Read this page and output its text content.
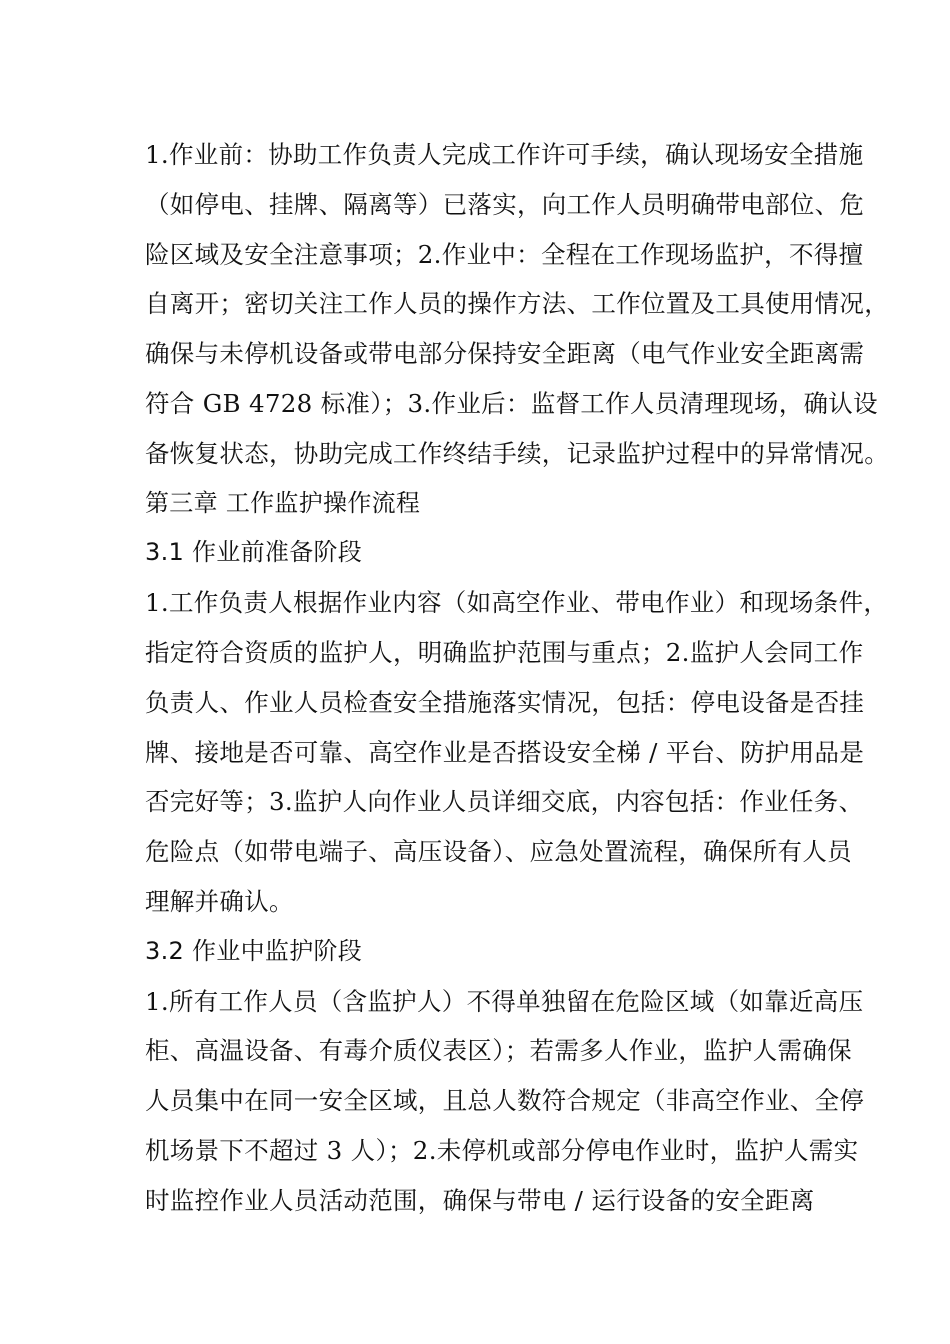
1.作业前：协助工作负责人完成工作许可手续，确认现场安全措施
（如停电、挂牌、隔离等）已落实，向工作人员明确带电部位、危
险区域及安全注意事项；2.作业中：全程在工作现场监护，不得擅
自离开；密切关注工作人员的操作方法、工作位置及工具使用情况，
确保与未停机设备或带电部分保持安全距离（电气作业安全距离需
符合 GB 4728 标准）；3.作业后：监督工作人员清理现场，确认设
备恢复状态，协助完成工作终结手续，记录监护过程中的异常情况。
第三章 工作监护操作流程
3.1 作业前准备阶段
1.工作负责人根据作业内容（如高空作业、带电作业）和现场条件，
指定符合资质的监护人，明确监护范围与重点；2.监护人会同工作
负责人、作业人员检查安全措施落实情况，包括：停电设备是否挂
牌、接地是否可靠、高空作业是否搭设安全梯 / 平台、防护用品是
否完好等；3.监护人向作业人员详细交底，内容包括：作业任务、
危险点（如带电端子、高压设备）、应急处置流程，确保所有人员
理解并确认。
3.2 作业中监护阶段
1.所有工作人员（含监护人）不得单独留在危险区域（如靠近高压
柜、高温设备、有毒介质仪表区）；若需多人作业，监护人需确保
人员集中在同一安全区域，且总人数符合规定（非高空作业、全停
机场景下不超过 3 人）；2.未停机或部分停电作业时，监护人需实
时监控作业人员活动范围，确保与带电 / 运行设备的安全距离
